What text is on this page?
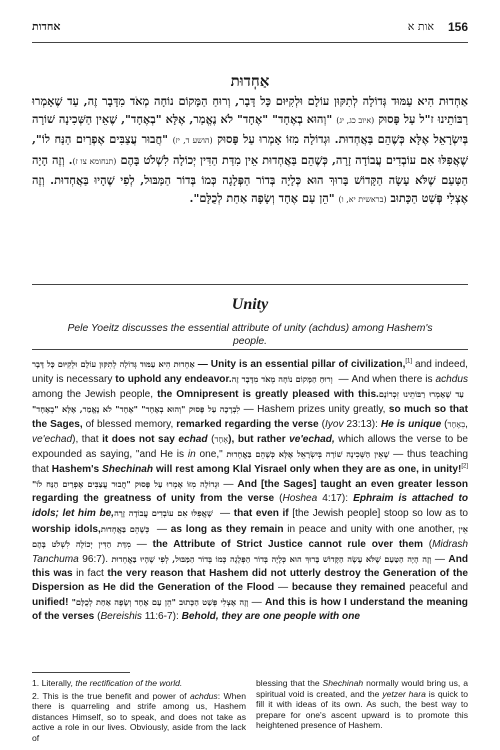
אחדות	אות א 156
אַחְדוּת
אַחְדוּת הִיא עַמּוּד גְּדוֹלָה לְתִקּוּן עוֹלָם וּלְקִיּוּם כָּל דָּבָר, וְרוּחַ הַמָּקוֹם נוֹחָה מְאֹד מִדָּבָר זֶה, עַד שֶׁאָמְרוּ רַבּוֹתֵינוּ ז"ל עַל פָּסוּק (איוב כג, יג) "וְהוּא בְאֶחָד" "אֶחָד" לֹא נֶאֱמַר, אֶלָּא "בְאֶחָד", שֶׁאֵין הַשְּׁכִינָה שׁוֹרָה בְּיִשְׂרָאֵל אֶלָּא כְּשֶׁהֵם בַּאֲחְדוּת. וּגְדוֹלָה מִזּוֹ אָמְרוּ עַל פָּסוּק (הושע ד, יז) "חֲבוּר עֲצַבִּים אֶפְרַיִם הַנַּח לוֹ", שֶׁאֲפִלּוּ אִם עוֹבְדִים עֲבוֹדָה זָרָה, כְּשֶׁהֵם בַּאֲחְדוּת אֵין מִדַּת הַדִּין יְכוֹלָה לִשְׁלֹט בָּהֶם (תנחומא צו ז). וְזֶה הָיָה הַטַּעַם שֶׁלֹּא עָשָׂה הַקָּדוֹשׁ בָּרוּךְ הוּא כְּלָיָה בְּדוֹר הַפְּלָגָה כְּמוֹ בְּדוֹר הַמַּבּוּל, לְפִי שֶׁהָיוּ בַּאֲחְדוּת. וְזֶה אֶצְלִי פְּשַׁט הַכָּתוּב (בראשית יא, ו) "הֵן עַם אֶחָד וְשָׂפָה אַחַת לְכֻלָּם".
Unity
Pele Yoeitz discusses the essential attribute of unity (achdus) among Hashem's people.
אַחְדוּת הִיא עַמּוּד גְּדוֹלָה לְתִקּוּן עוֹלָם וּלְקִיּוּם כָּל דָּבָר — Unity is an essential pillar of civilization,[1] and indeed, unity is necessary to uphold any endeavor. וְרוּחַ הַמָּקוֹם נוֹחָה מְאֹד מִדָּבָר זֶה — And when there is achdus among the Jewish people, the Omnipresent is greatly pleased with this. עַד שֶׁאָמְרוּ רַבּוֹתֵינוּ זִכְרוֹנָם לִבְרָכָה עַל פָּסוּק "וְהוּא בְאֶחָד" "אֶחָד" לֹא נֶאֱמַר, אֶלָּא "בְאֶחָד" — Hashem prizes unity greatly, so much so that the Sages, of blessed memory, remarked regarding the verse (Iyov 23:13): He is unique (בְאֶחָד, ve'echad), that it does not say echad (אֶחָד), but rather ve'echad, which allows the verse to be expounded as saying, "and He is in one," שֶׁאֵין הַשְּׁכִינָה שׁוֹרָה בְּיִשְׂרָאֵל אֶלָּא כְּשֶׁהֵם בַּאֲחְדוּת — thus teaching that Hashem's Shechinah will rest among Klal Yisrael only when they are as one, in unity![2] וּגְדוֹלָה מִזּוֹ אָמְרוּ עַל פָּסוּק "חֲבוּר עֲצַבִּים אֶפְרַיִם הַנַּח לוֹ" — And [the Sages] taught an even greater lesson regarding the greatness of unity from the verse (Hoshea 4:17): Ephraim is attached to idols; let him be, שֶׁאֲפִלּוּ אִם עוֹבְדִים עֲבוֹדָה זָרָה — that even if [the Jewish people] stoop so low as to worship idols, כְּשֶׁהֵם בַּאֲחְדוּת — as long as they remain in peace and unity with one another, אֵין מִדַּת הַדִּין יְכוֹלָה לִשְׁלֹט בָּהֶם — the Attribute of Strict Justice cannot rule over them (Midrash Tanchuma 96:7). וְזֶה הָיָה הַטַּעַם שֶׁלֹּא עָשָׂה הַקָּדוֹשׁ בָּרוּךְ הוּא כְּלָיָה בְּדוֹר הַפְּלָגָה כְּמוֹ בְּדוֹר הַמַּבּוּל, לְפִי שֶׁהָיוּ בַּאֲחְדוּת — And this was in fact the very reason that Hashem did not utterly destroy the Generation of the Dispersion as He did the Generation of the Flood — because they remained peaceful and unified! וְזֶה אֶצְלִי פְּשַׁט הַכָּתוּב "הֵן עַם אֶחָד וְשָׂפָה אַחַת לְכֻלָּם" — And this is how I understand the meaning of the verses (Bereishis 11:6-7): Behold, they are one people with one

1. Literally, the rectification of the world.

2. This is the true benefit and power of achdus: When there is quarreling and strife among us, Hashem distances Himself, so to speak, and does not take as active a role in our lives. Obviously, aside from the lack of

blessing that the Shechinah normally would bring us, a spiritual void is created, and the yetzer hara is quick to fill it with ideas of its own. As such, the best way to prepare for one's ascent upward is to promote this heightened presence of Hashem.
